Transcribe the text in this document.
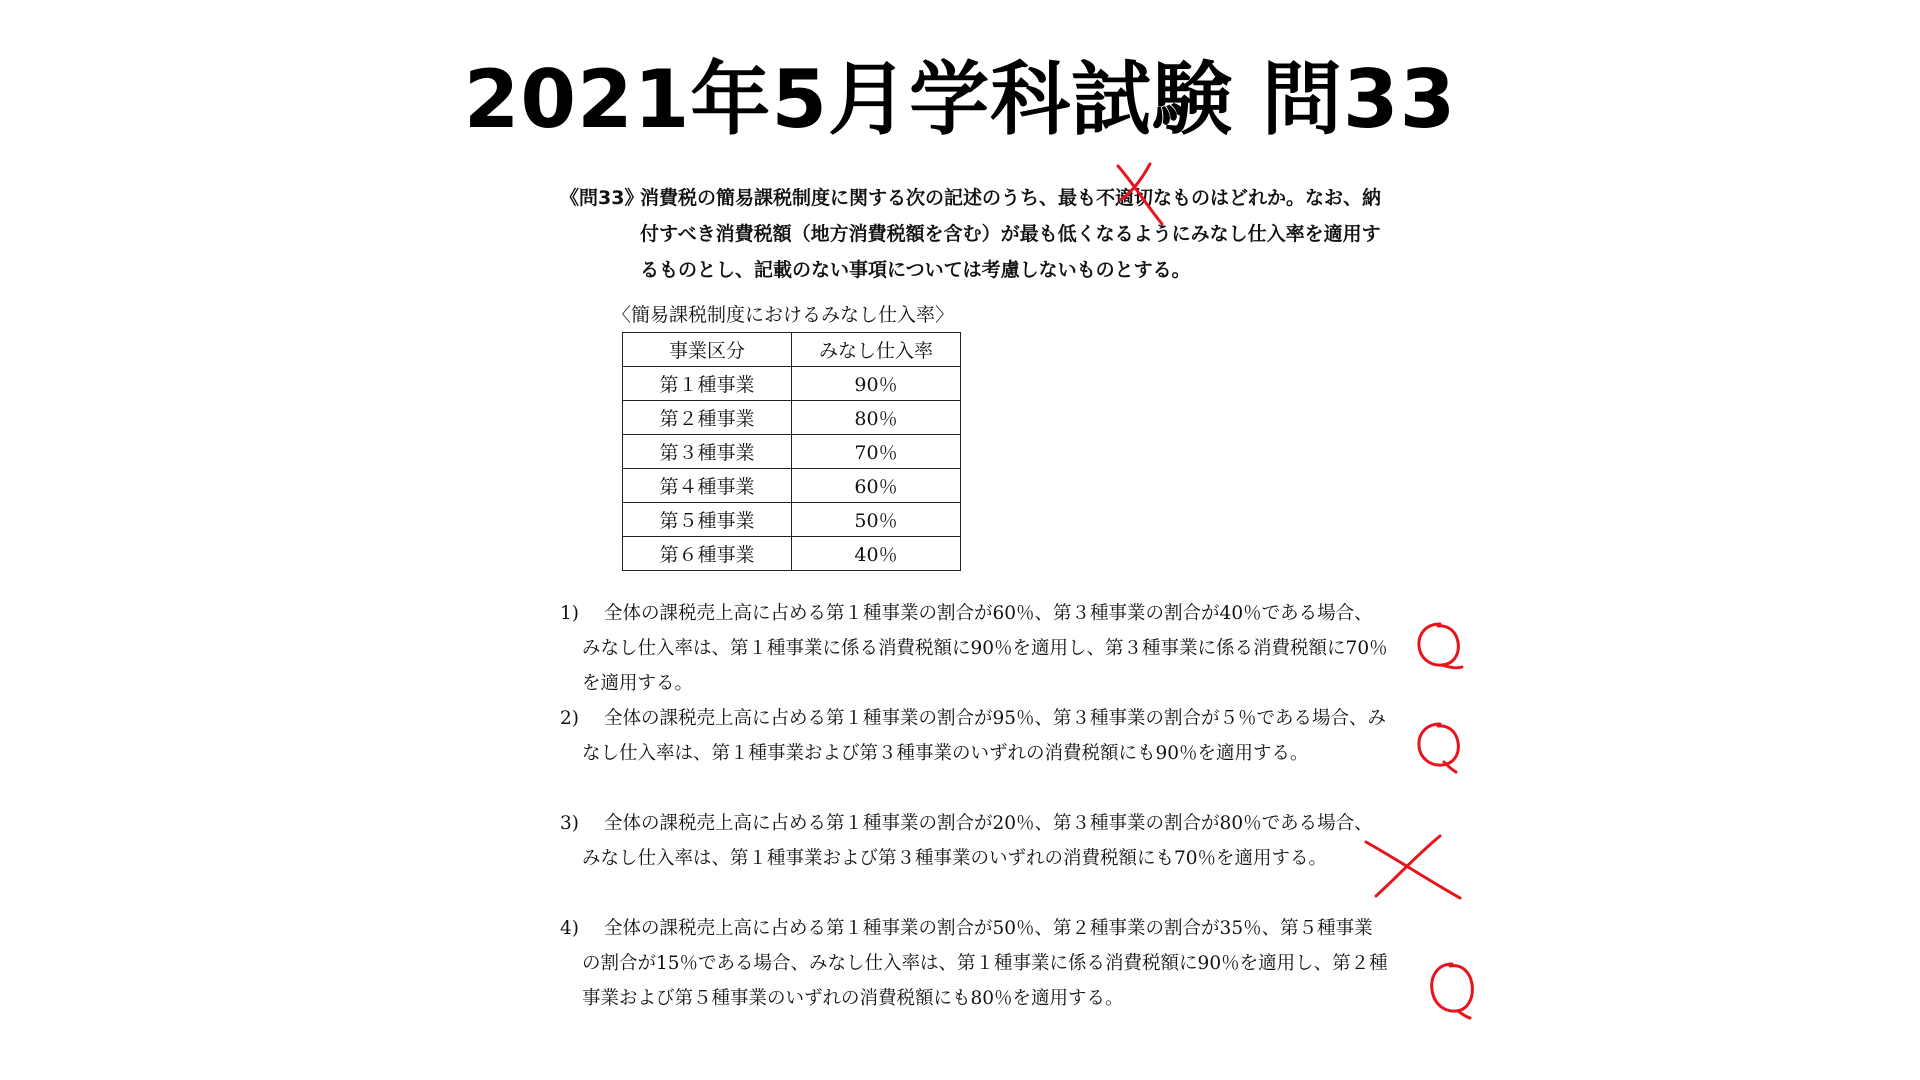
2021年5月学科試験 問33
《問33》
消費税の簡易課税制度に関する次の記述のうち、最も不適切なものはどれか。なお、納付すべき消費税額（地方消費税額を含む）が最も低くなるようにみなし仕入率を適用するものとし、記載のない事項については考慮しないものとする。
〈簡易課税制度におけるみなし仕入率〉
事業区分	みなし仕入率
第１種事業	90％
第２種事業	80％
第３種事業	70％
第４種事業	60％
第５種事業	50％
第６種事業	40％
1)	全体の課税売上高に占める第１種事業の割合が60％、第３種事業の割合が40％である場合、みなし仕入率は、第１種事業に係る消費税額に90％を適用し、第３種事業に係る消費税額に70％を適用する。
2)	全体の課税売上高に占める第１種事業の割合が95％、第３種事業の割合が５％である場合、みなし仕入率は、第１種事業および第３種事業のいずれの消費税額にも90％を適用する。
3)	全体の課税売上高に占める第１種事業の割合が20％、第３種事業の割合が80％である場合、みなし仕入率は、第１種事業および第３種事業のいずれの消費税額にも70％を適用する。
4)	全体の課税売上高に占める第１種事業の割合が50％、第２種事業の割合が35％、第５種事業の割合が15％である場合、みなし仕入率は、第１種事業に係る消費税額に90％を適用し、第２種事業および第５種事業のいずれの消費税額にも80％を適用する。
